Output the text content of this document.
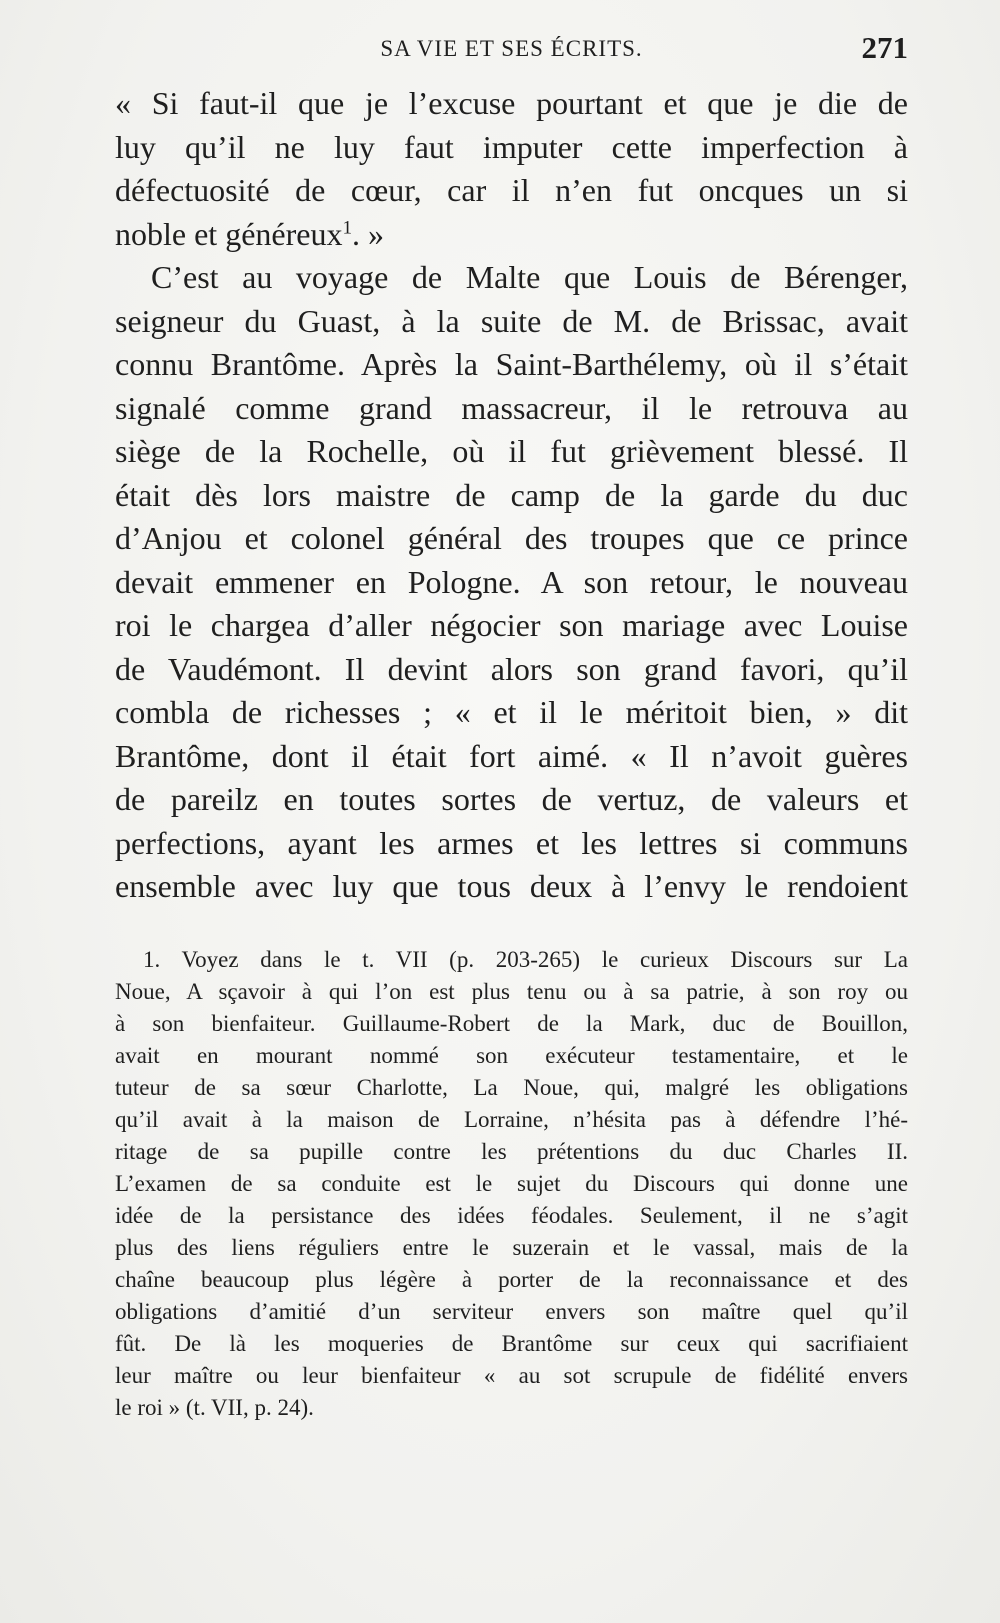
SA VIE ET SES ÉCRITS.	271
« Si faut-il que je l’excuse pourtant et que je die de
luy qu’il ne luy faut imputer cette imperfection à
défectuosité de cœur, car il n’en fut oncques un si
noble et généreux$^1$. »
C’est au voyage de Malte que Louis de Bérenger,
seigneur du Guast, à la suite de M. de Brissac, avait
connu Brantôme. Après la Saint-Barthélemy, où il s’était
signalé comme grand massacreur, il le retrouva au
siège de la Rochelle, où il fut grièvement blessé. Il
était dès lors maistre de camp de la garde du duc
d’Anjou et colonel général des troupes que ce prince
devait emmener en Pologne. A son retour, le nouveau
roi le chargea d’aller négocier son mariage avec Louise
de Vaudémont. Il devint alors son grand favori, qu’il
combla de richesses ; « et il le méritoit bien, » dit
Brantôme, dont il était fort aimé. « Il n’avoit guères
de pareilz en toutes sortes de vertuz, de valeurs et
perfections, ayant les armes et les lettres si communs
ensemble avec luy que tous deux à l’envy le rendoient
1. Voyez dans le t. VII (p. 203-265) le curieux Discours sur La
Noue, A sçavoir à qui l’on est plus tenu ou à sa patrie, à son roy ou
à son bienfaiteur. Guillaume-Robert de la Mark, duc de Bouillon,
avait en mourant nommé son exécuteur testamentaire, et le
tuteur de sa sœur Charlotte, La Noue, qui, malgré les obligations
qu’il avait à la maison de Lorraine, n’hésita pas à défendre l’hé-
ritage de sa pupille contre les prétentions du duc Charles II.
L’examen de sa conduite est le sujet du Discours qui donne une
idée de la persistance des idées féodales. Seulement, il ne s’agit
plus des liens réguliers entre le suzerain et le vassal, mais de la
chaîne beaucoup plus légère à porter de la reconnaissance et des
obligations d’amitié d’un serviteur envers son maître quel qu’il
fût. De là les moqueries de Brantôme sur ceux qui sacrifiaient
leur maître ou leur bienfaiteur « au sot scrupule de fidélité envers
le roi » (t. VII, p. 24).
